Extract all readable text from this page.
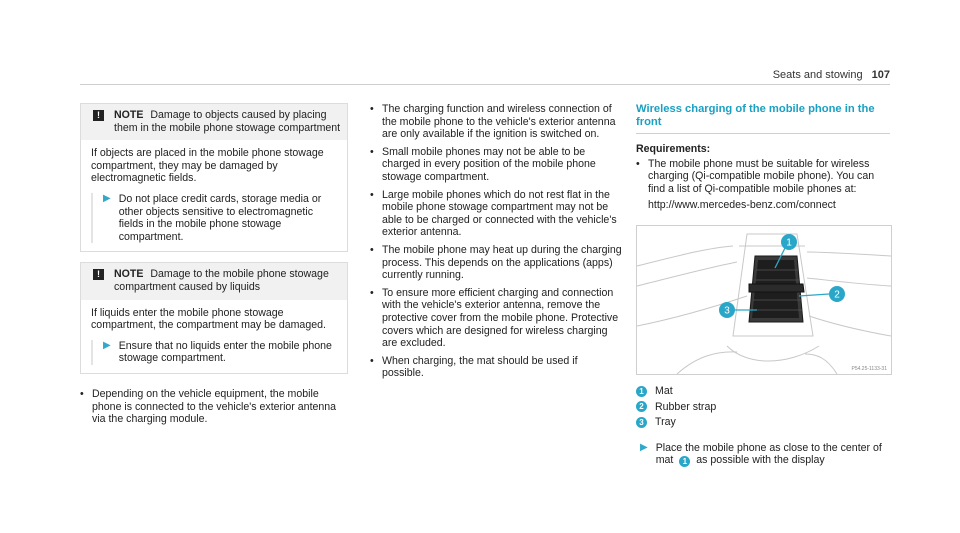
Seats and stowing 107
!	NOTE Damage to objects caused by placing them in the mobile phone stowage compartment

If objects are placed in the mobile phone stowage compartment, they may be damaged by electromagnetic fields.

▶ Do not place credit cards, storage media or other objects sensitive to electromagnetic fields in the mobile phone stowage compartment.
!	NOTE Damage to the mobile phone stowage compartment caused by liquids

If liquids enter the mobile phone stowage compartment, the compartment may be damaged.

▶ Ensure that no liquids enter the mobile phone stowage compartment.
• Depending on the vehicle equipment, the mobile phone is connected to the vehicle's exterior antenna via the charging module.
• The charging function and wireless connection of the mobile phone to the vehicle's exterior antenna are only available if the ignition is switched on.
• Small mobile phones may not be able to be charged in every position of the mobile phone stowage compartment.
• Large mobile phones which do not rest flat in the mobile phone stowage compartment may not be able to be charged or connected with the vehicle's exterior antenna.
• The mobile phone may heat up during the charging process. This depends on the applications (apps) currently running.
• To ensure more efficient charging and connection with the vehicle's exterior antenna, remove the protective cover from the mobile phone. Protective covers which are designed for wireless charging are excluded.
• When charging, the mat should be used if possible.
Wireless charging of the mobile phone in the front
Requirements:
• The mobile phone must be suitable for wireless charging (Qi-compatible mobile phone). You can find a list of Qi-compatible mobile phones at:
http://www.mercedes-benz.com/connect
1
2
3
P54.25-1133-31
1	Mat
2	Rubber strap
3	Tray
▶ Place the mobile phone as close to the center of mat 1 as possible with the display
